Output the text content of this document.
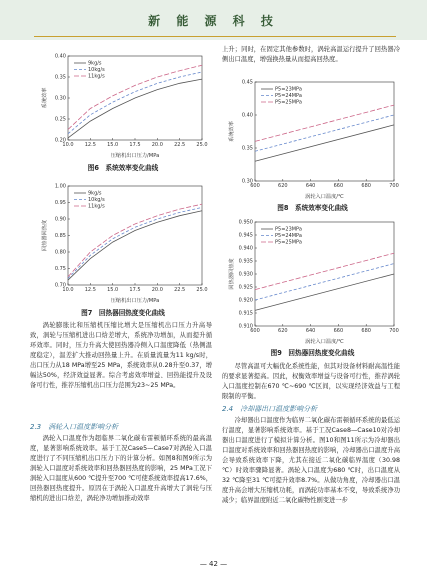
新 能 源 科 技
10.0 12.5 15.0 17.5 20.0 22.5 25.0
0.20
0.25
0.30
0.35
0.40
压缩机出口压力/MPa
系统效率
9kg/s
10kg/s
11kg/s
图6　系统效率变化曲线
10.0 12.5 15.0 17.5 20.0 22.5 25.0
0.70
0.75
0.80
0.85
0.90
0.95
1.00
压缩机出口压力/MPa
回热器回热度
9kg/s
10kg/s
11kg/s
图7　回热器回热度变化曲线

涡轮膨胀比和压缩机压缩比增大是压缩机出口压力升高导致，涡轮与压缩机进出口焓差增大，系统净功增加，从而提升循环效率。同时，压力升高大使回热器冷侧入口温度降低（热侧温度稳定），温差扩大推动回热量上升。在质量流量为11 kg/s时，出口压力从18 MPa增至25 MPa，系统效率从0.28升至0.37，增幅达50%，经济效益显著。综合考虑效率增益、回热能提升及设备可行性，推荐压缩机出口压力范围为23~25 MPa。

2.3　涡轮入口温度影响分析

涡轮入口温度作为超临界二氧化碳布雷顿循环系统的最高温度，显著影响系统效率。基于工况Case5—Case7对涡轮入口温度进行了不同压缩机出口压力下的计算分析。如图8和图9所示为涡轮入口温度对系统效率和回热器回热度的影响，25 MPa工况下涡轮入口温度从600 ℃提升至700 ℃可使系统效率提高17.6%，回热器回热度提升。原因在于涡轮入口温度升高增大了涡轮与压缩机的进出口焓差，涡轮净功增加推动效率

上升；同时，在固定其他参数时，涡轮高温运行提升了回热器冷侧出口温度，增强换热量从而提高回热度。

600	620	640	660	680	700
0.30
0.35
0.40
0.45
涡轮入口温度/℃
系统效率
P5=23MPa
P5=24MPa
P5=25MPa
图8　系统效率变化曲线
600	620	640	660	680	700
0.910
0.915
0.920
0.925
0.930
0.935
0.940
0.945
0.950
涡轮入口温度/℃
回热器回热度
P5=23MPa
P5=24MPa
P5=25MPa
图9　回热器回热度变化曲线

尽管高温可大幅优化系统性能，但其对设备材料耐高温性能的要求显著提高。因此，权衡效率增益与设备可行性，推荐涡轮入口温度控制在670 ℃~690 ℃区间，以实现经济效益与工程限制的平衡。

2.4　冷却器出口温度影响分析

冷却器出口温度作为临界二氧化碳布雷顿循环系统的最低运行温度，显著影响系统效率。基于工况Case8—Case10对冷却器出口温度进行了模拟计算分析。图10和图11所示为冷却器出口温度对系统效率和回热器回热度的影响，冷却器出口温度升高会导致系统效率下降，尤其在接近二氧化碳临界温度（30.98 ℃）时效率骤降显著。涡轮入口温度为680 ℃时，出口温度从32 ℃降至31 ℃可提升效率8.7%。从做功角度，冷却器出口温度升高会增大压缩机功耗，而涡轮功率基本不变，导致系统净功减少；临界温度附近二氧化碳物性剧变进一步

— 42 —
